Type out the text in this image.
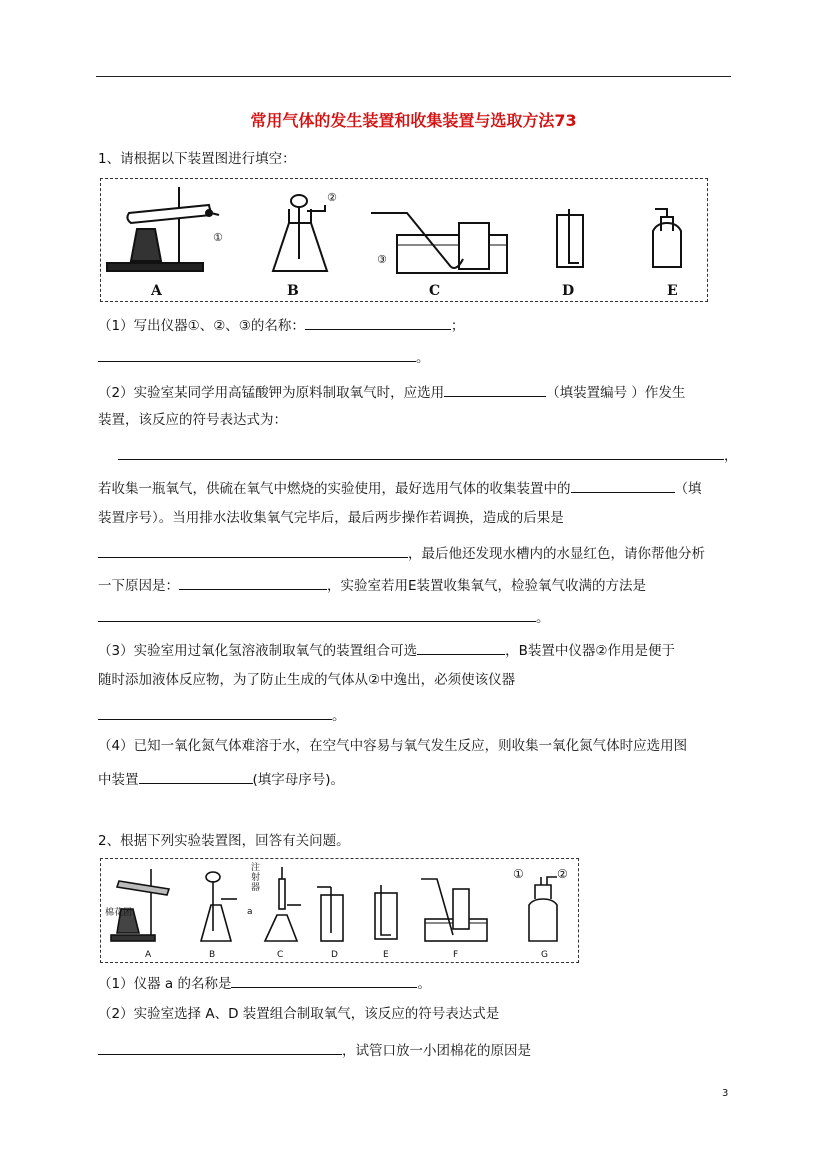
常用气体的发生装置和收集装置与选取方法73
1、请根据以下装置图进行填空：
A	B	C	D	E
①
②
③
（1）写出仪器①、②、③的名称：	；
。
（2）实验室某同学用高锰酸钾为原料制取氧气时，应选用	（填装置编号 ）作发生
装置，该反应的符号表达式为：
，
若收集一瓶氧气，供硫在氧气中燃烧的实验使用，最好选用气体的收集装置中的	（填
装置序号）。当用排水法收集氧气完毕后，最后两步操作若调换，造成的后果是
，最后他还发现水槽内的水显红色，请你帮他分析
一下原因是：	，实验室若用E装置收集氧气，检验氧气收满的方法是
。
（3）实验室用过氧化氢溶液制取氧气的装置组合可选	，B装置中仪器②作用是便于
随时添加液体反应物，为了防止生成的气体从②中逸出，必须使该仪器
。
（4）已知一氧化氮气体难溶于水，在空气中容易与氧气发生反应，则收集一氧化氮气体时应选用图
中装置	(填字母序号)。
2、根据下列实验装置图，回答有关问题。
A	B	C	D	E	F	G
棉花团
注射器
a
①	②
（1）仪器 a 的名称是	。
（2）实验室选择 A、D 装置组合制取氧气，该反应的符号表达式是
，试管口放一小团棉花的原因是
3
